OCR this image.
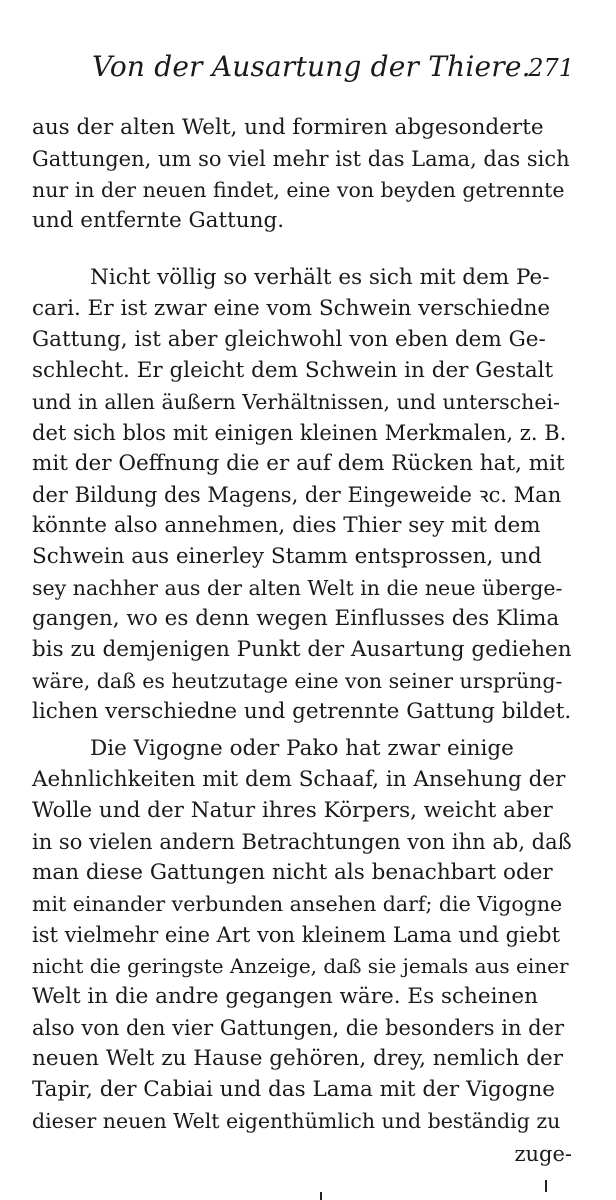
Von der Ausartung der Thiere.
271
aus der alten Welt, und formiren abgesonderte
Gattungen, um so viel mehr ist das Lama, das sich
nur in der neuen findet, eine von beyden getrennte
und entfernte Gattung.
Nicht völlig so verhält es sich mit dem Pe-
cari. Er ist zwar eine vom Schwein verschiedne
Gattung, ist aber gleichwohl von eben dem Ge-
schlecht. Er gleicht dem Schwein in der Gestalt
und in allen äußern Verhältnissen, und unterschei-
det sich blos mit einigen kleinen Merkmalen, z. B.
mit der Oeffnung die er auf dem Rücken hat, mit
der Bildung des Magens, der Eingeweide ꝛc. Man
könnte also annehmen, dies Thier sey mit dem
Schwein aus einerley Stamm entsprossen, und
sey nachher aus der alten Welt in die neue überge-
gangen, wo es denn wegen Einflusses des Klima
bis zu demjenigen Punkt der Ausartung gediehen
wäre, daß es heutzutage eine von seiner ursprüng-
lichen verschiedne und getrennte Gattung bildet.
Die Vigogne oder Pako hat zwar einige
Aehnlichkeiten mit dem Schaaf, in Ansehung der
Wolle und der Natur ihres Körpers, weicht aber
in so vielen andern Betrachtungen von ihn ab, daß
man diese Gattungen nicht als benachbart oder
mit einander verbunden ansehen darf; die Vigogne
ist vielmehr eine Art von kleinem Lama und giebt
nicht die geringste Anzeige, daß sie jemals aus einer
Welt in die andre gegangen wäre. Es scheinen
also von den vier Gattungen, die besonders in der
neuen Welt zu Hause gehören, drey, nemlich der
Tapir, der Cabiai und das Lama mit der Vigogne
dieser neuen Welt eigenthümlich und beständig zu
zuge-
